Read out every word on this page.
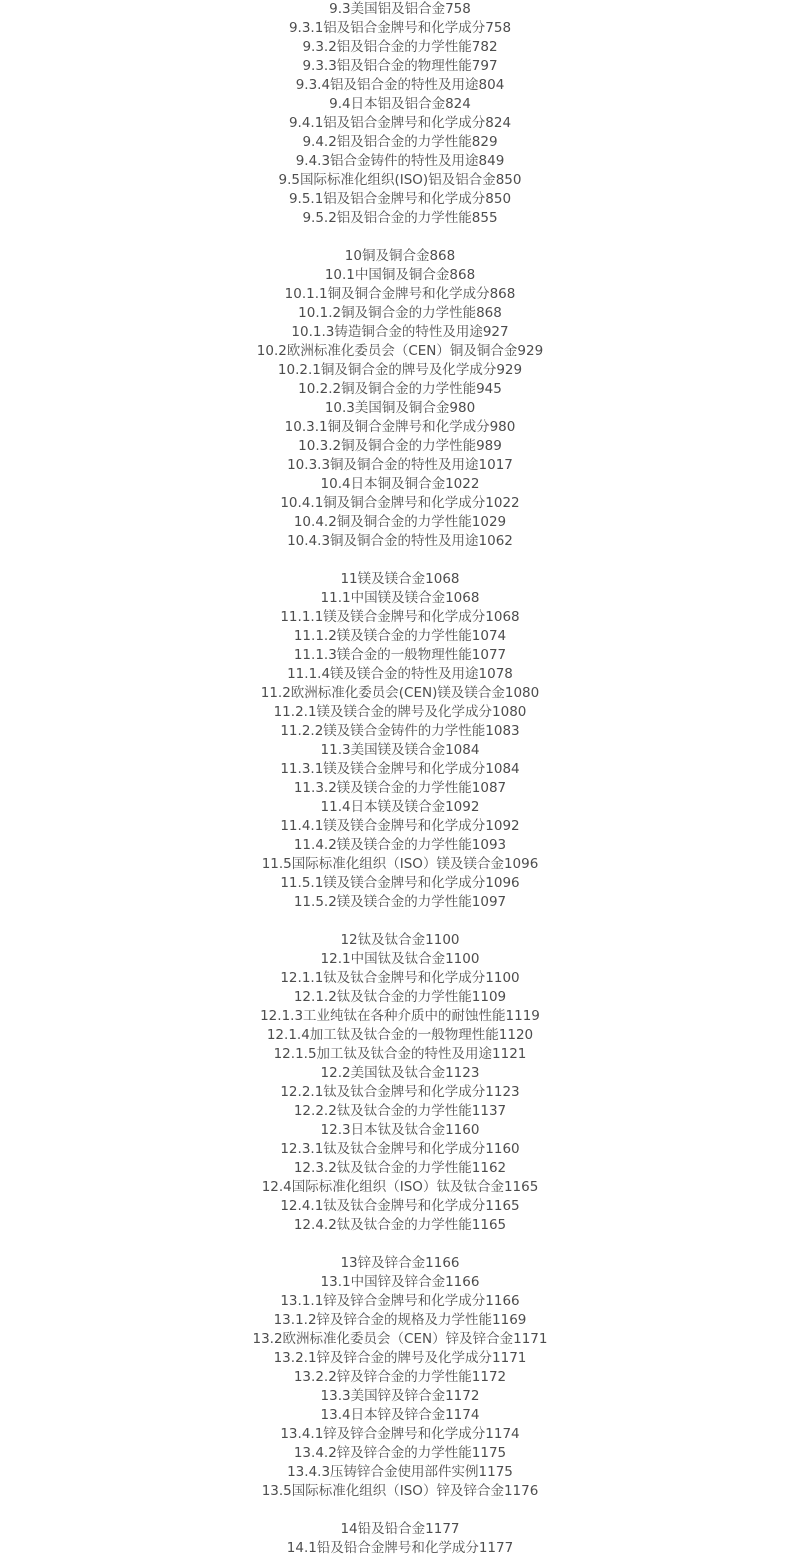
9.3美国铝及铝合金758
9.3.1铝及铝合金牌号和化学成分758
9.3.2铝及铝合金的力学性能782
9.3.3铝及铝合金的物理性能797
9.3.4铝及铝合金的特性及用途804
9.4日本铝及铝合金824
9.4.1铝及铝合金牌号和化学成分824
9.4.2铝及铝合金的力学性能829
9.4.3铝合金铸件的特性及用途849
9.5国际标准化组织(ISO)铝及铝合金850
9.5.1铝及铝合金牌号和化学成分850
9.5.2铝及铝合金的力学性能855
10铜及铜合金868
10.1中国铜及铜合金868
10.1.1铜及铜合金牌号和化学成分868
10.1.2铜及铜合金的力学性能868
10.1.3铸造铜合金的特性及用途927
10.2欧洲标准化委员会（CEN）铜及铜合金929
10.2.1铜及铜合金的牌号及化学成分929
10.2.2铜及铜合金的力学性能945
10.3美国铜及铜合金980
10.3.1铜及铜合金牌号和化学成分980
10.3.2铜及铜合金的力学性能989
10.3.3铜及铜合金的特性及用途1017
10.4日本铜及铜合金1022
10.4.1铜及铜合金牌号和化学成分1022
10.4.2铜及铜合金的力学性能1029
10.4.3铜及铜合金的特性及用途1062
11镁及镁合金1068
11.1中国镁及镁合金1068
11.1.1镁及镁合金牌号和化学成分1068
11.1.2镁及镁合金的力学性能1074
11.1.3镁合金的一般物理性能1077
11.1.4镁及镁合金的特性及用途1078
11.2欧洲标准化委员会(CEN)镁及镁合金1080
11.2.1镁及镁合金的牌号及化学成分1080
11.2.2镁及镁合金铸件的力学性能1083
11.3美国镁及镁合金1084
11.3.1镁及镁合金牌号和化学成分1084
11.3.2镁及镁合金的力学性能1087
11.4日本镁及镁合金1092
11.4.1镁及镁合金牌号和化学成分1092
11.4.2镁及镁合金的力学性能1093
11.5国际标准化组织（ISO）镁及镁合金1096
11.5.1镁及镁合金牌号和化学成分1096
11.5.2镁及镁合金的力学性能1097
12钛及钛合金1100
12.1中国钛及钛合金1100
12.1.1钛及钛合金牌号和化学成分1100
12.1.2钛及钛合金的力学性能1109
12.1.3工业纯钛在各种介质中的耐蚀性能1119
12.1.4加工钛及钛合金的一般物理性能1120
12.1.5加工钛及钛合金的特性及用途1121
12.2美国钛及钛合金1123
12.2.1钛及钛合金牌号和化学成分1123
12.2.2钛及钛合金的力学性能1137
12.3日本钛及钛合金1160
12.3.1钛及钛合金牌号和化学成分1160
12.3.2钛及钛合金的力学性能1162
12.4国际标准化组织（ISO）钛及钛合金1165
12.4.1钛及钛合金牌号和化学成分1165
12.4.2钛及钛合金的力学性能1165
13锌及锌合金1166
13.1中国锌及锌合金1166
13.1.1锌及锌合金牌号和化学成分1166
13.1.2锌及锌合金的规格及力学性能1169
13.2欧洲标准化委员会（CEN）锌及锌合金1171
13.2.1锌及锌合金的牌号及化学成分1171
13.2.2锌及锌合金的力学性能1172
13.3美国锌及锌合金1172
13.4日本锌及锌合金1174
13.4.1锌及锌合金牌号和化学成分1174
13.4.2锌及锌合金的力学性能1175
13.4.3压铸锌合金使用部件实例1175
13.5国际标准化组织（ISO）锌及锌合金1176
14铅及铅合金1177
14.1铅及铅合金牌号和化学成分1177
